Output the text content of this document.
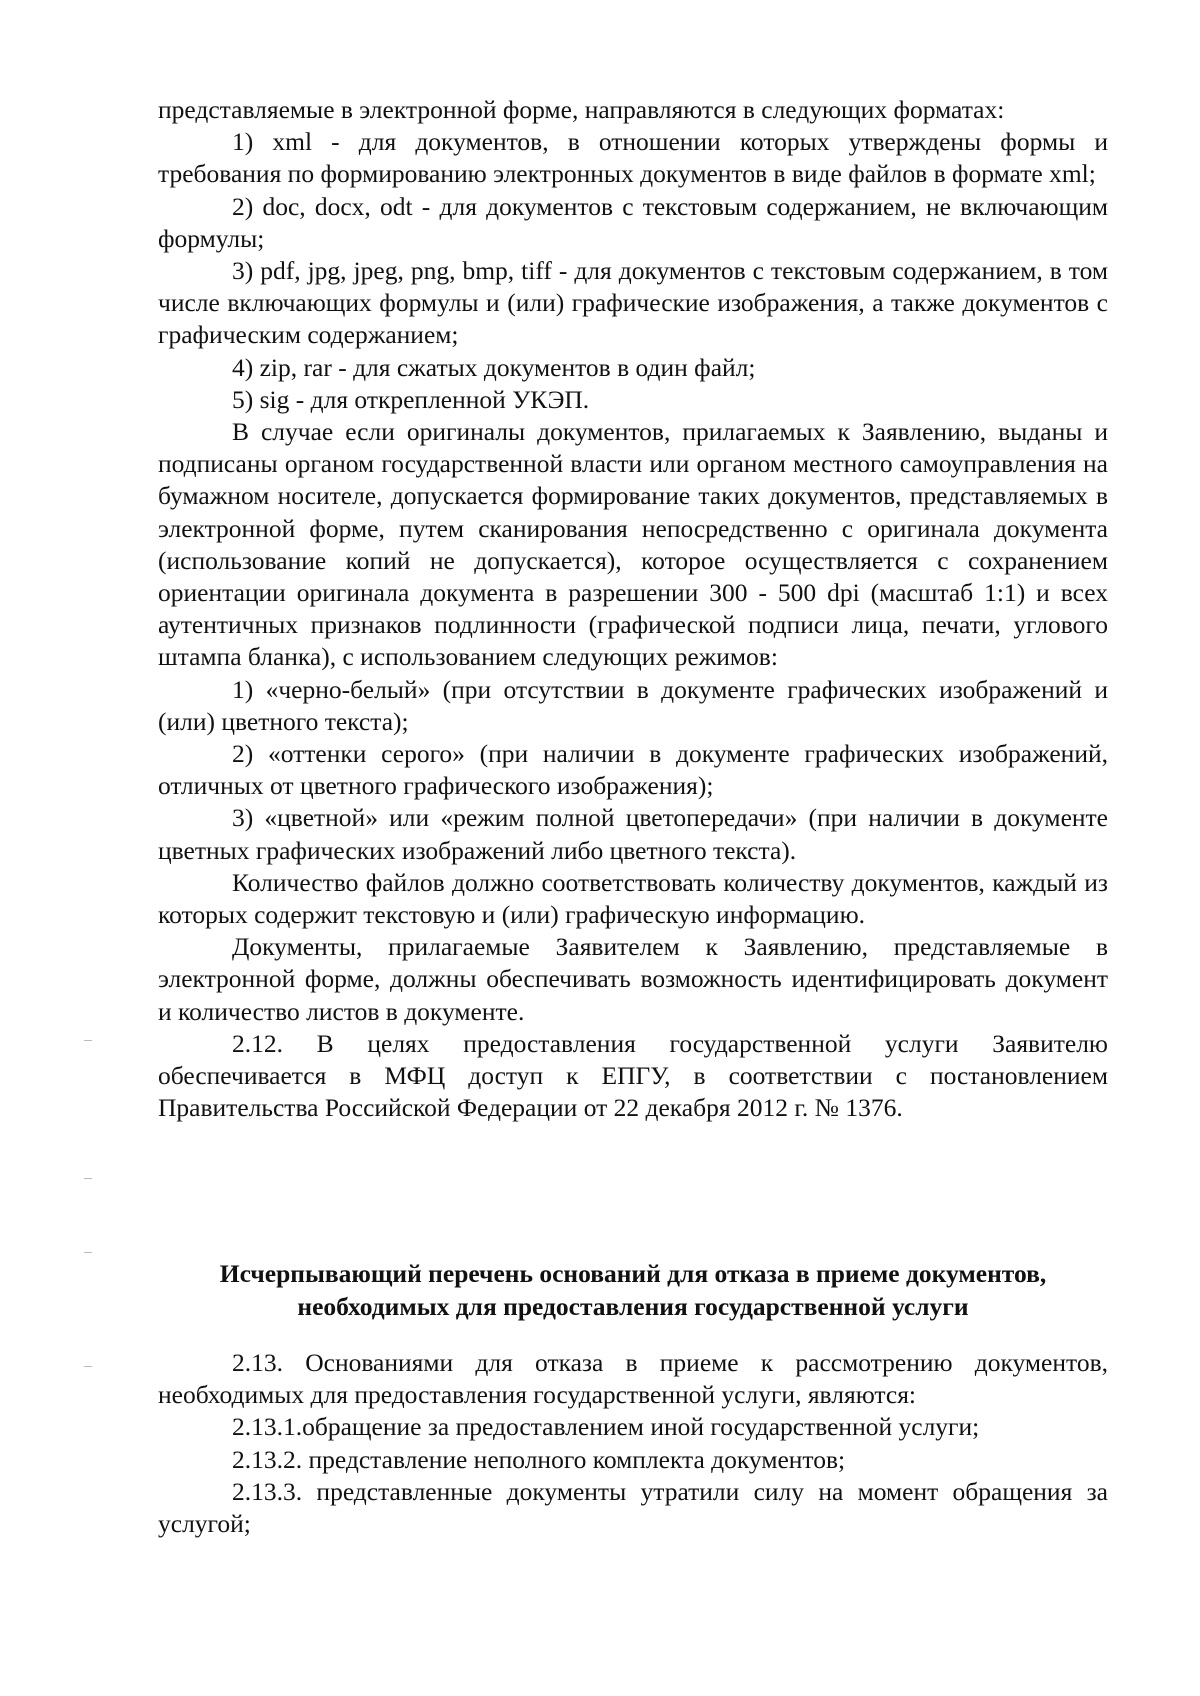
представляемые в электронной форме, направляются в следующих форматах:

1) xml - для документов, в отношении которых утверждены формы и требования по формированию электронных документов в виде файлов в формате xml;

2) doc, docx, odt - для документов с текстовым содержанием, не включающим формулы;

3) pdf, jpg, jpeg, png, bmp, tiff - для документов с текстовым содержанием, в том числе включающих формулы и (или) графические изображения, а также документов с графическим содержанием;

4) zip, rar - для сжатых документов в один файл;

5) sig - для открепленной УКЭП.

В случае если оригиналы документов, прилагаемых к Заявлению, выданы и подписаны органом государственной власти или органом местного самоуправления на бумажном носителе, допускается формирование таких документов, представляемых в электронной форме, путем сканирования непосредственно с оригинала документа (использование копий не допускается), которое осуществляется с сохранением ориентации оригинала документа в разрешении 300 - 500 dpi (масштаб 1:1) и всех аутентичных признаков подлинности (графической подписи лица, печати, углового штампа бланка), с использованием следующих режимов:

1) «черно-белый» (при отсутствии в документе графических изображений и (или) цветного текста);

2) «оттенки серого» (при наличии в документе графических изображений, отличных от цветного графического изображения);

3) «цветной» или «режим полной цветопередачи» (при наличии в документе цветных графических изображений либо цветного текста).

Количество файлов должно соответствовать количеству документов, каждый из которых содержит текстовую и (или) графическую информацию.

Документы, прилагаемые Заявителем к Заявлению, представляемые в электронной форме, должны обеспечивать возможность идентифицировать документ и количество листов в документе.

2.12. В целях предоставления государственной услуги Заявителю обеспечивается в МФЦ доступ к ЕПГУ, в соответствии с постановлением Правительства Российской Федерации от 22 декабря 2012 г. № 1376.

Исчерпывающий перечень оснований для отказа в приеме документов,
необходимых для предоставления государственной услуги

2.13. Основаниями для отказа в приеме к рассмотрению документов, необходимых для предоставления государственной услуги, являются:

2.13.1.обращение за предоставлением иной государственной услуги;

2.13.2. представление неполного комплекта документов;

2.13.3. представленные документы утратили силу на момент обращения за услугой;
